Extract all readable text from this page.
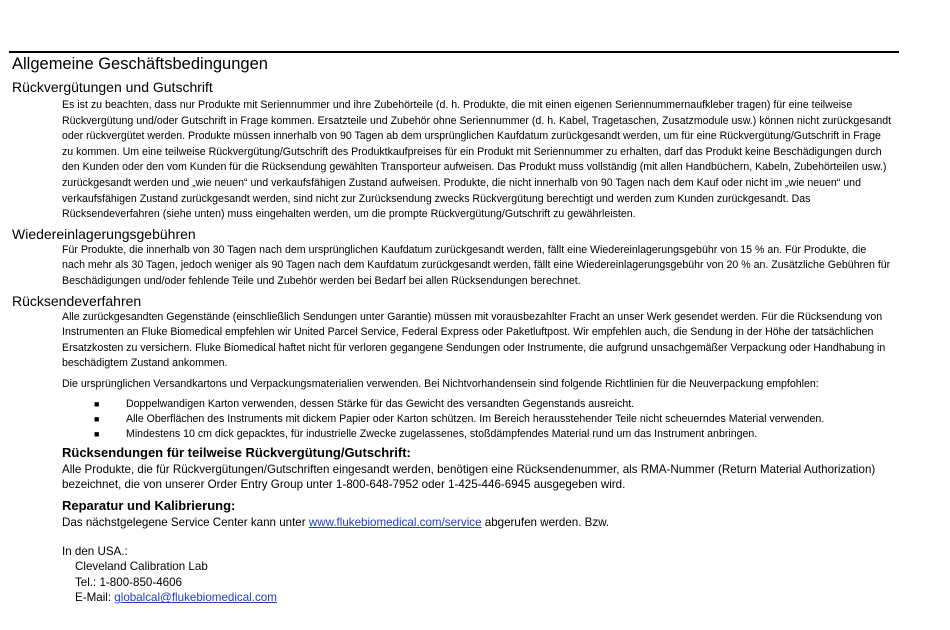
Allgemeine Geschäftsbedingungen
Rückvergütungen und Gutschrift

Es ist zu beachten, dass nur Produkte mit Seriennummer und ihre Zubehörteile (d. h. Produkte, die mit einen eigenen Seriennummernaufkleber tragen) für eine teilweise Rückvergütung und/oder Gutschrift in Frage kommen. Ersatzteile und Zubehör ohne Seriennummer (d. h. Kabel, Tragetaschen, Zusatzmodule usw.) können nicht zurückgesandt oder rückvergütet werden. Produkte müssen innerhalb von 90 Tagen ab dem ursprünglichen Kaufdatum zurückgesandt werden, um für eine Rückvergütung/Gutschrift in Frage zu kommen. Um eine teilweise Rückvergütung/Gutschrift des Produktkaufpreises für ein Produkt mit Seriennummer zu erhalten, darf das Produkt keine Beschädigungen durch den Kunden oder den vom Kunden für die Rücksendung gewählten Transporteur aufweisen. Das Produkt muss vollständig (mit allen Handbüchern, Kabeln, Zubehörteilen usw.) zurückgesandt werden und „wie neuen“ und verkaufsfähigen Zustand aufweisen. Produkte, die nicht innerhalb von 90 Tagen nach dem Kauf oder nicht im „wie neuen“ und verkaufsfähigen Zustand zurückgesandt werden, sind nicht zur Zurücksendung zwecks Rückvergütung berechtigt und werden zum Kunden zurückgesandt. Das Rücksendeverfahren (siehe unten) muss eingehalten werden, um die prompte Rückvergütung/Gutschrift zu gewährleisten.

Wiedereinlagerungsgebühren

Für Produkte, die innerhalb von 30 Tagen nach dem ursprünglichen Kaufdatum zurückgesandt werden, fällt eine Wiedereinlagerungsgebühr von 15 % an. Für Produkte, die nach mehr als 30 Tagen, jedoch weniger als 90 Tagen nach dem Kaufdatum zurückgesandt werden, fällt eine Wiedereinlagerungsgebühr von 20 % an. Zusätzliche Gebühren für Beschädigungen und/oder fehlende Teile und Zubehör werden bei Bedarf bei allen Rücksendungen berechnet.

Rücksendeverfahren

Alle zurückgesandten Gegenstände (einschließlich Sendungen unter Garantie) müssen mit vorausbezahlter Fracht an unser Werk gesendet werden. Für die Rücksendung von Instrumenten an Fluke Biomedical empfehlen wir United Parcel Service, Federal Express oder Paketluftpost. Wir empfehlen auch, die Sendung in der Höhe der tatsächlichen Ersatzkosten zu versichern. Fluke Biomedical haftet nicht für verloren gegangene Sendungen oder Instrumente, die aufgrund unsachgemäßer Verpackung oder Handhabung in beschädigtem Zustand ankommen.

Die ursprünglichen Versandkartons und Verpackungsmaterialien verwenden. Bei Nichtvorhandensein sind folgende Richtlinien für die Neuverpackung empfohlen:

■	Doppelwandigen Karton verwenden, dessen Stärke für das Gewicht des versandten Gegenstands ausreicht.
■	Alle Oberflächen des Instruments mit dickem Papier oder Karton schützen. Im Bereich herausstehender Teile nicht scheuerndes Material verwenden.
■	Mindestens 10 cm dick gepacktes, für industrielle Zwecke zugelassenes, stoßdämpfendes Material rund um das Instrument anbringen.
Rücksendungen für teilweise Rückvergütung/Gutschrift:

Alle Produkte, die für Rückvergütungen/Gutschriften eingesandt werden, benötigen eine Rücksendenummer, als RMA-Nummer (Return Material Authorization) bezeichnet, die von unserer Order Entry Group unter 1-800-648-7952 oder 1-425-446-6945 ausgegeben wird.

Reparatur und Kalibrierung:

Das nächstgelegene Service Center kann unter www.flukebiomedical.com/service abgerufen werden. Bzw.

In den USA.:
Cleveland Calibration Lab
Tel.: 1-800-850-4606
E-Mail: globalcal@flukebiomedical.com
